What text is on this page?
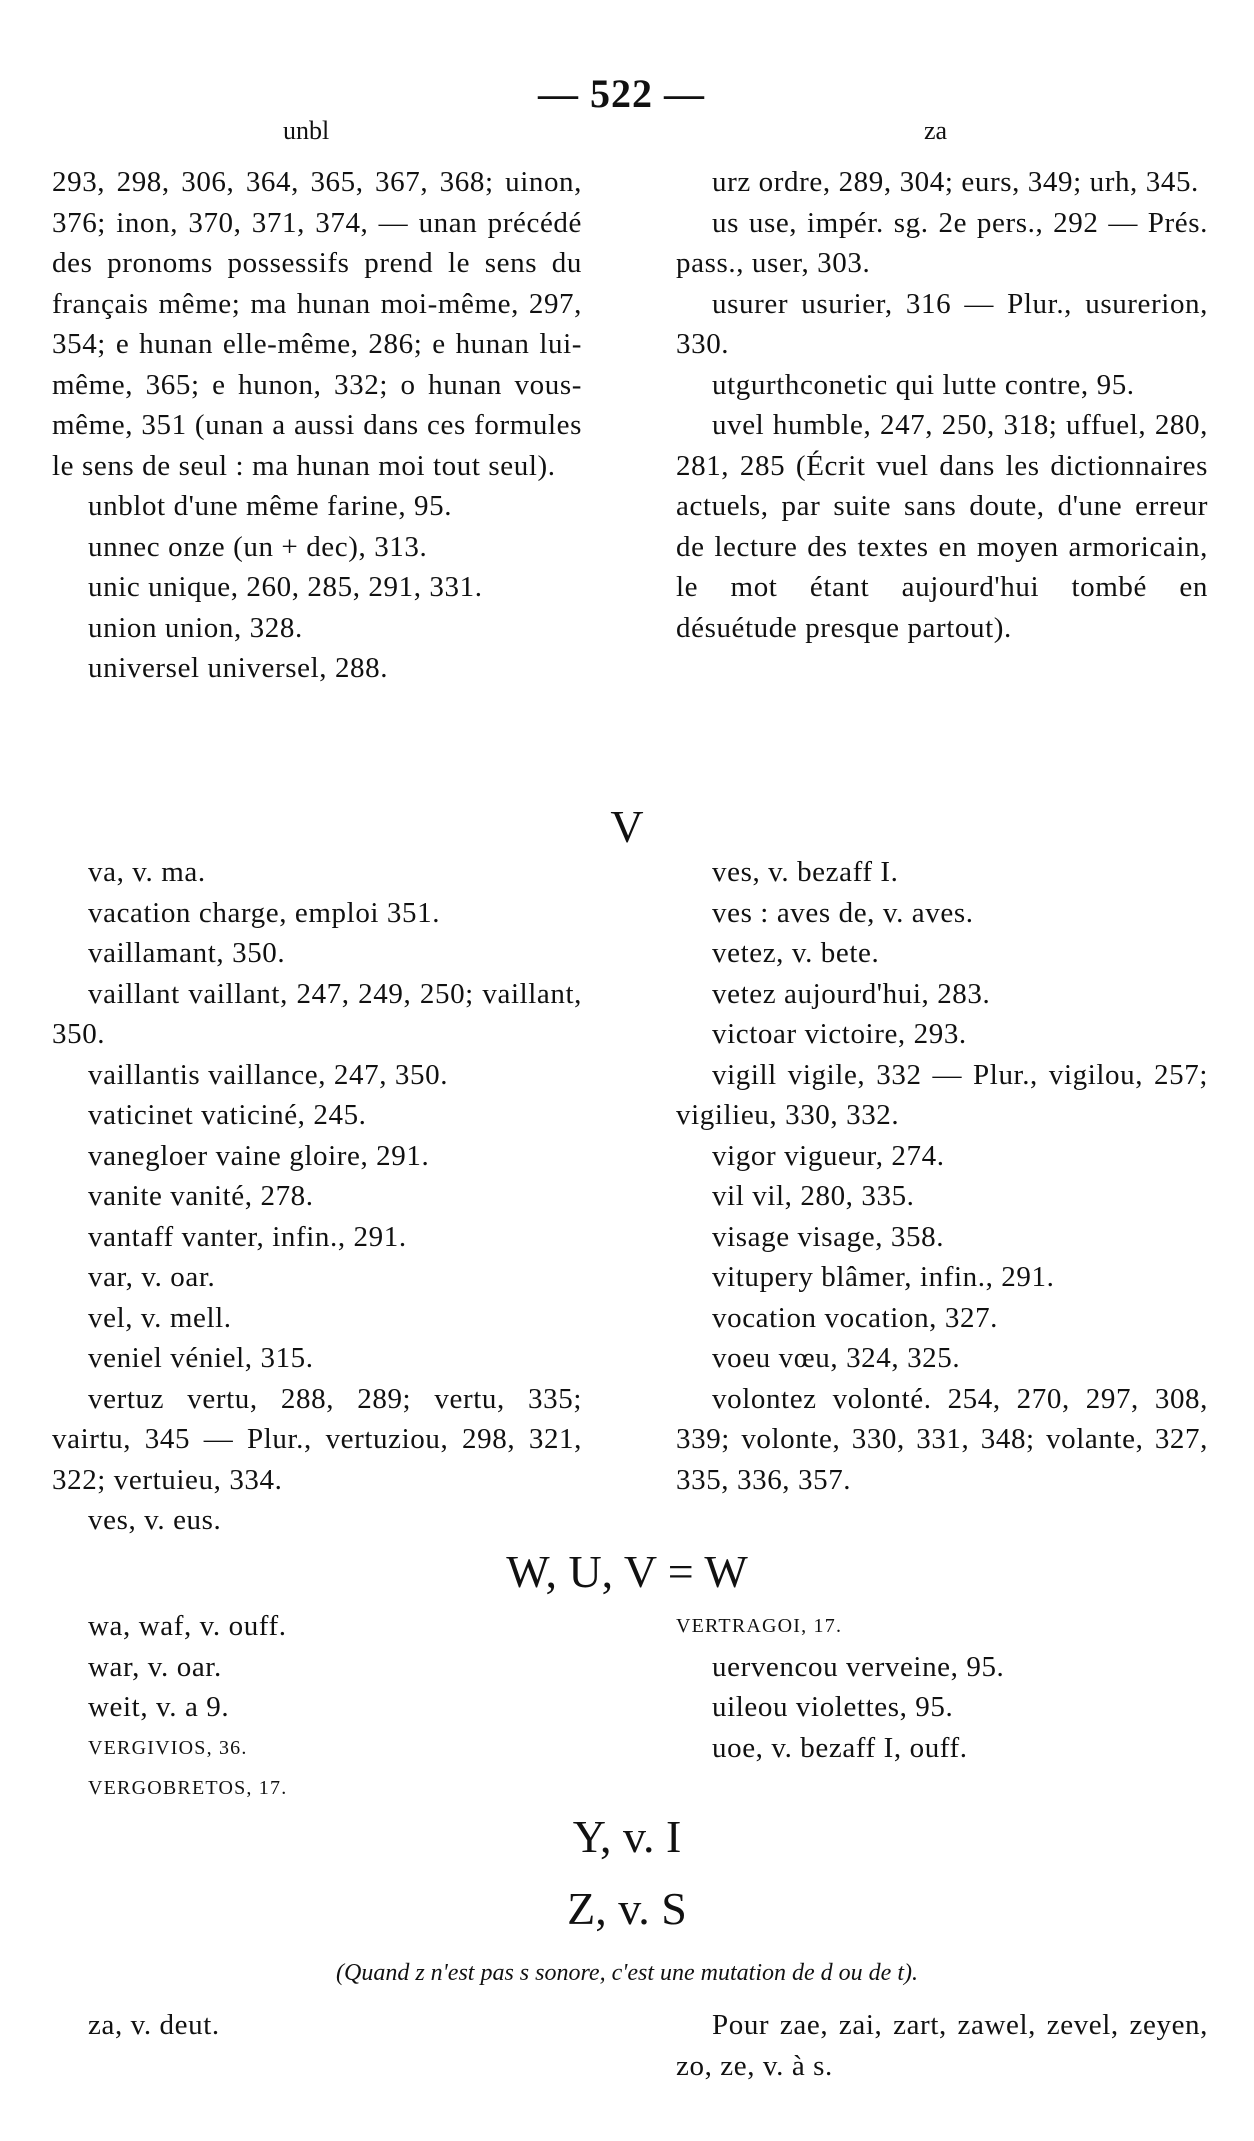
— 522 —
unbl	za
293, 298, 306, 364, 365, 367, 368; uinon, 376; inon, 370, 371, 374, — unan précédé des pronoms possessifs prend le sens du français même; ma hunan moi-même, 297, 354; e hunan elle-même, 286; e hunan lui-même, 365; e hunon, 332; o hunan vous-même, 351 (unan a aussi dans ces formules le sens de seul : ma hunan moi tout seul).
unblot d'une même farine, 95.
unnec onze (un + dec), 313.
unic unique, 260, 285, 291, 331.
union union, 328.
universel universel, 288.
urz ordre, 289, 304; eurs, 349; urh, 345.
us use, impér. sg. 2e pers., 292 — Prés. pass., user, 303.
usurer usurier, 316 — Plur., usurerion, 330.
utgurthconetic qui lutte contre, 95.
uvel humble, 247, 250, 318; uffuel, 280, 281, 285 (Écrit vuel dans les dictionnaires actuels, par suite sans doute, d'une erreur de lecture des textes en moyen armoricain, le mot étant aujourd'hui tombé en désuétude presque partout).
V
va, v. ma.
vacation charge, emploi 351.
vaillamant, 350.
vaillant vaillant, 247, 249, 250; vaillant, 350.
vaillantis vaillance, 247, 350.
vaticinet vaticiné, 245.
vanegloer vaine gloire, 291.
vanite vanité, 278.
vantaff vanter, infin., 291.
var, v. oar.
vel, v. mell.
veniel véniel, 315.
vertuz vertu, 288, 289; vertu, 335; vairtu, 345 — Plur., vertuziou, 298, 321, 322; vertuieu, 334.
ves, v. eus.
ves, v. bezaff I.
ves : aves de, v. aves.
vetez, v. bete.
vetez aujourd'hui, 283.
victoar victoire, 293.
vigill vigile, 332 — Plur., vigilou, 257; vigilieu, 330, 332.
vigor vigueur, 274.
vil vil, 280, 335.
visage visage, 358.
vitupery blâmer, infin., 291.
vocation vocation, 327.
voeu vœu, 324, 325.
volontez volonté. 254, 270, 297, 308, 339; volonte, 330, 331, 348; volante, 327, 335, 336, 357.
W, U, V = W
wa, waf, v. ouff.
war, v. oar.
weit, v. a 9.
VERGIVIOS, 36.
VERGOBRETOS, 17.
VERTRAGOI, 17.
uervencou verveine, 95.
uileou violettes, 95.
uoe, v. bezaff I, ouff.
Y, v. I
Z, v. S
(Quand z n'est pas s sonore, c'est une mutation de d ou de t).
za, v. deut.	Pour zae, zai, zart, zawel, zevel, zeyen, zo, ze, v. à s.
